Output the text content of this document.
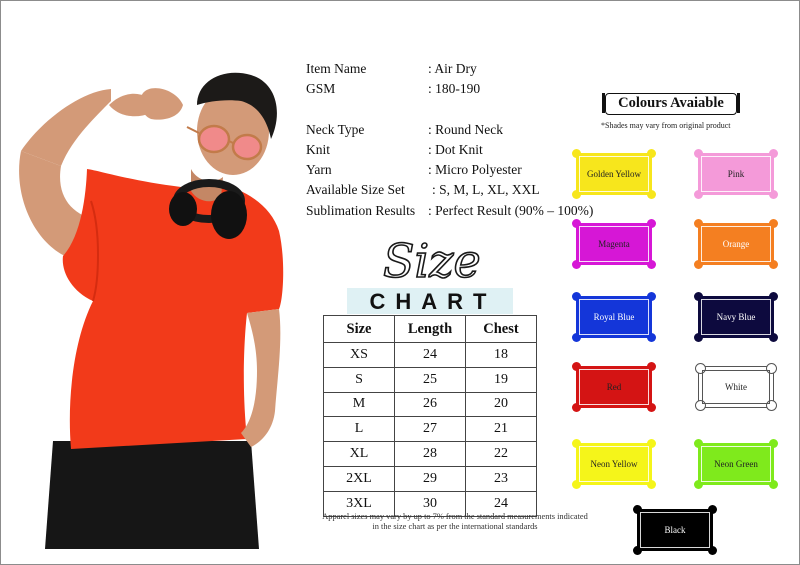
Item Name	: Air Dry
GSM	: 180-190
Neck Type	: Round Neck
Knit	: Dot Knit
Yarn	: Micro Polyester
Available Size Set	: S, M, L, XL, XXL
Sublimation Results : Perfect Result (90% – 100%)
Size
CHART
Size	Length	Chest
XS	24	18
S	25	19
M	26	20
L	27	21
XL	28	22
2XL	29	23
3XL	30	24
Apparel sizes may vary by up to 7% from the standard measurements indicated in the size chart as per the international standards
Colours Avaiable
*Shades may vary from original product
Golden Yellow	Pink
Magenta	Orange
Royal Blue	Navy Blue
Red	White
Neon Yellow	Neon Green
Black
